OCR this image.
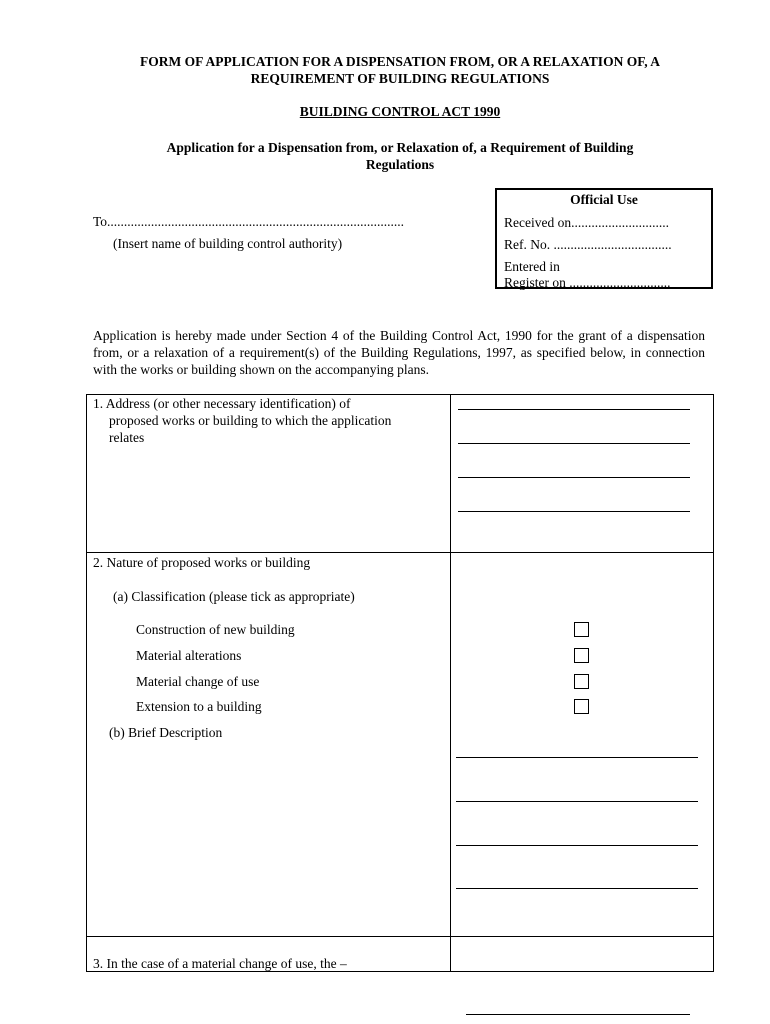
FORM OF APPLICATION FOR A DISPENSATION FROM, OR A RELAXATION OF, A
REQUIREMENT OF BUILDING REGULATIONS
BUILDING CONTROL ACT 1990
Application for a Dispensation from, or Relaxation of, a Requirement of Building
Regulations
Official Use
Received on.............................
Ref. No. ...................................
Entered in
Register on ..............................
To........................................................................................
(Insert name of building control authority)
Application is hereby made under Section 4 of the Building Control Act, 1990 for the grant of a dispensation from, or a relaxation of a requirement(s) of the Building Regulations, 1997, as specified below, in connection with the works or building shown on the accompanying plans.
1. Address (or other necessary identification) of
proposed works or building to which the application
relates
2. Nature of proposed works or building
(a) Classification (please tick as appropriate)
Construction of new building
Material alterations
Material change of use
Extension to a building
(b) Brief Description
3. In the case of a material change of use, the –
